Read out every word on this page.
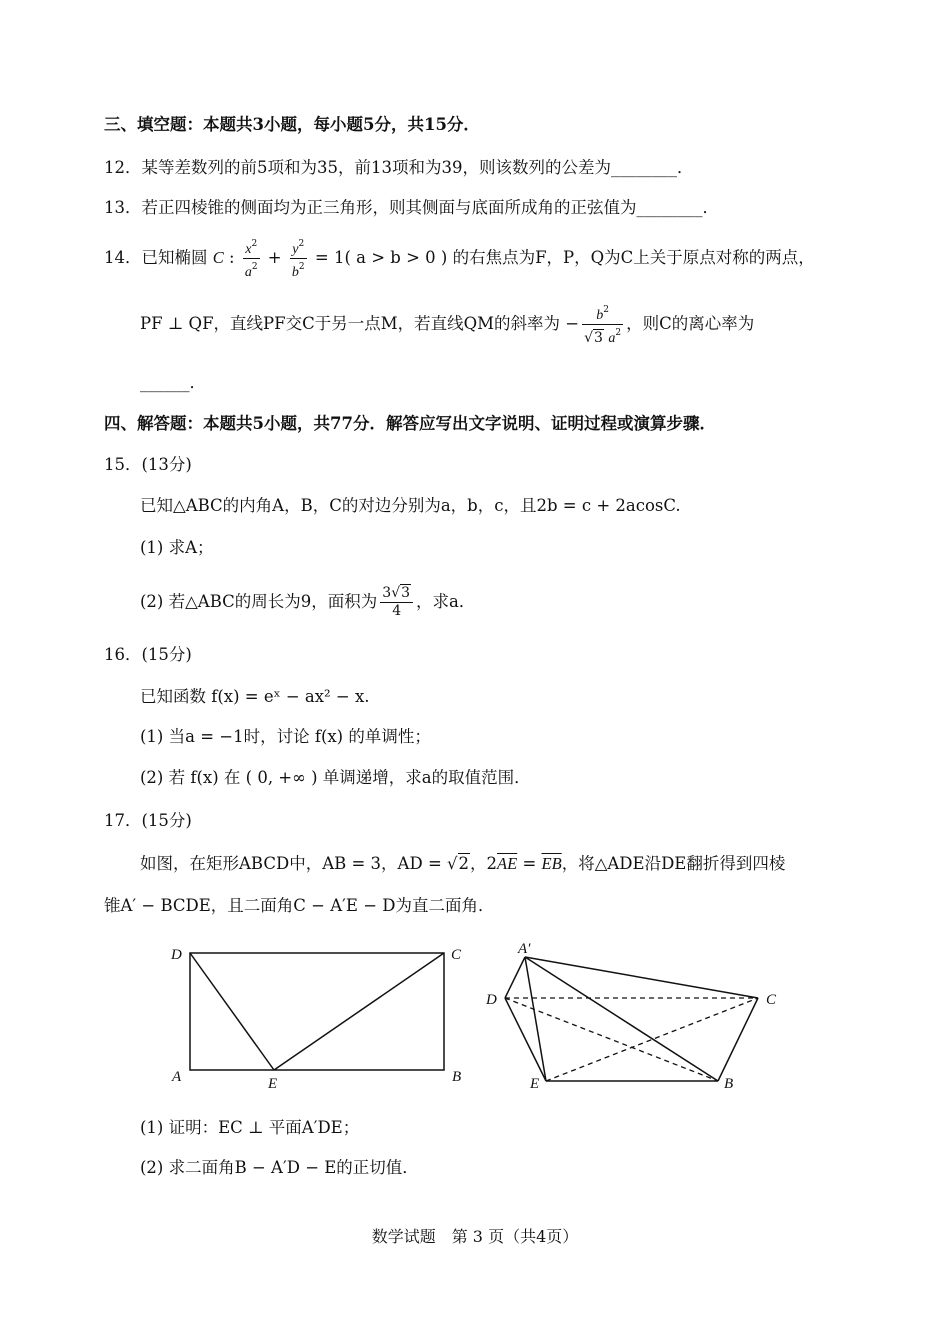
三、填空题：本题共3小题，每小题5分，共15分．
12．某等差数列的前5项和为35，前13项和为39，则该数列的公差为________．
13．若正四棱锥的侧面均为正三角形，则其侧面与底面所成角的正弦值为________．
14．已知椭圆 C : $\frac{x^2}{a^2} + \frac{y^2}{b^2} = 1$( a > b > 0 ) 的右焦点为F，P，Q为C上关于原点对称的两点，
PF ⊥ QF，直线PF交C于另一点M，若直线QM的斜率为 − $\frac{b^2}{√3 a^2}$ ，则C的离心率为
______．
四、解答题：本题共5小题，共77分．解答应写出文字说明、证明过程或演算步骤．
15．(13分)
已知△ABC的内角A，B，C的对边分别为a，b，c，且2b = c + 2acosC.
(1) 求A；
(2) 若△ABC的周长为9，面积为 $\frac{3√3}{4}$ ，求a．
16．(15分)
已知函数 f(x) = eˣ − ax² − x.
(1) 当a = −1时，讨论 f(x) 的单调性；
(2) 若 f(x) 在 ( 0, +∞ ) 单调递增，求a的取值范围．
17．(15分)
如图，在矩形ABCD中，AB = 3，AD = √2，$2\overline{AE} = \overline{EB}$，将△ADE沿DE翻折得到四棱
锥A′ − BCDE，且二面角C − A′E − D为直二面角．
D	C
A	E	B
A′
D	C
E	B
(1) 证明：EC ⊥ 平面A′DE；
(2) 求二面角B − A′D − E的正切值．
数学试题　第 3 页（共4页）
